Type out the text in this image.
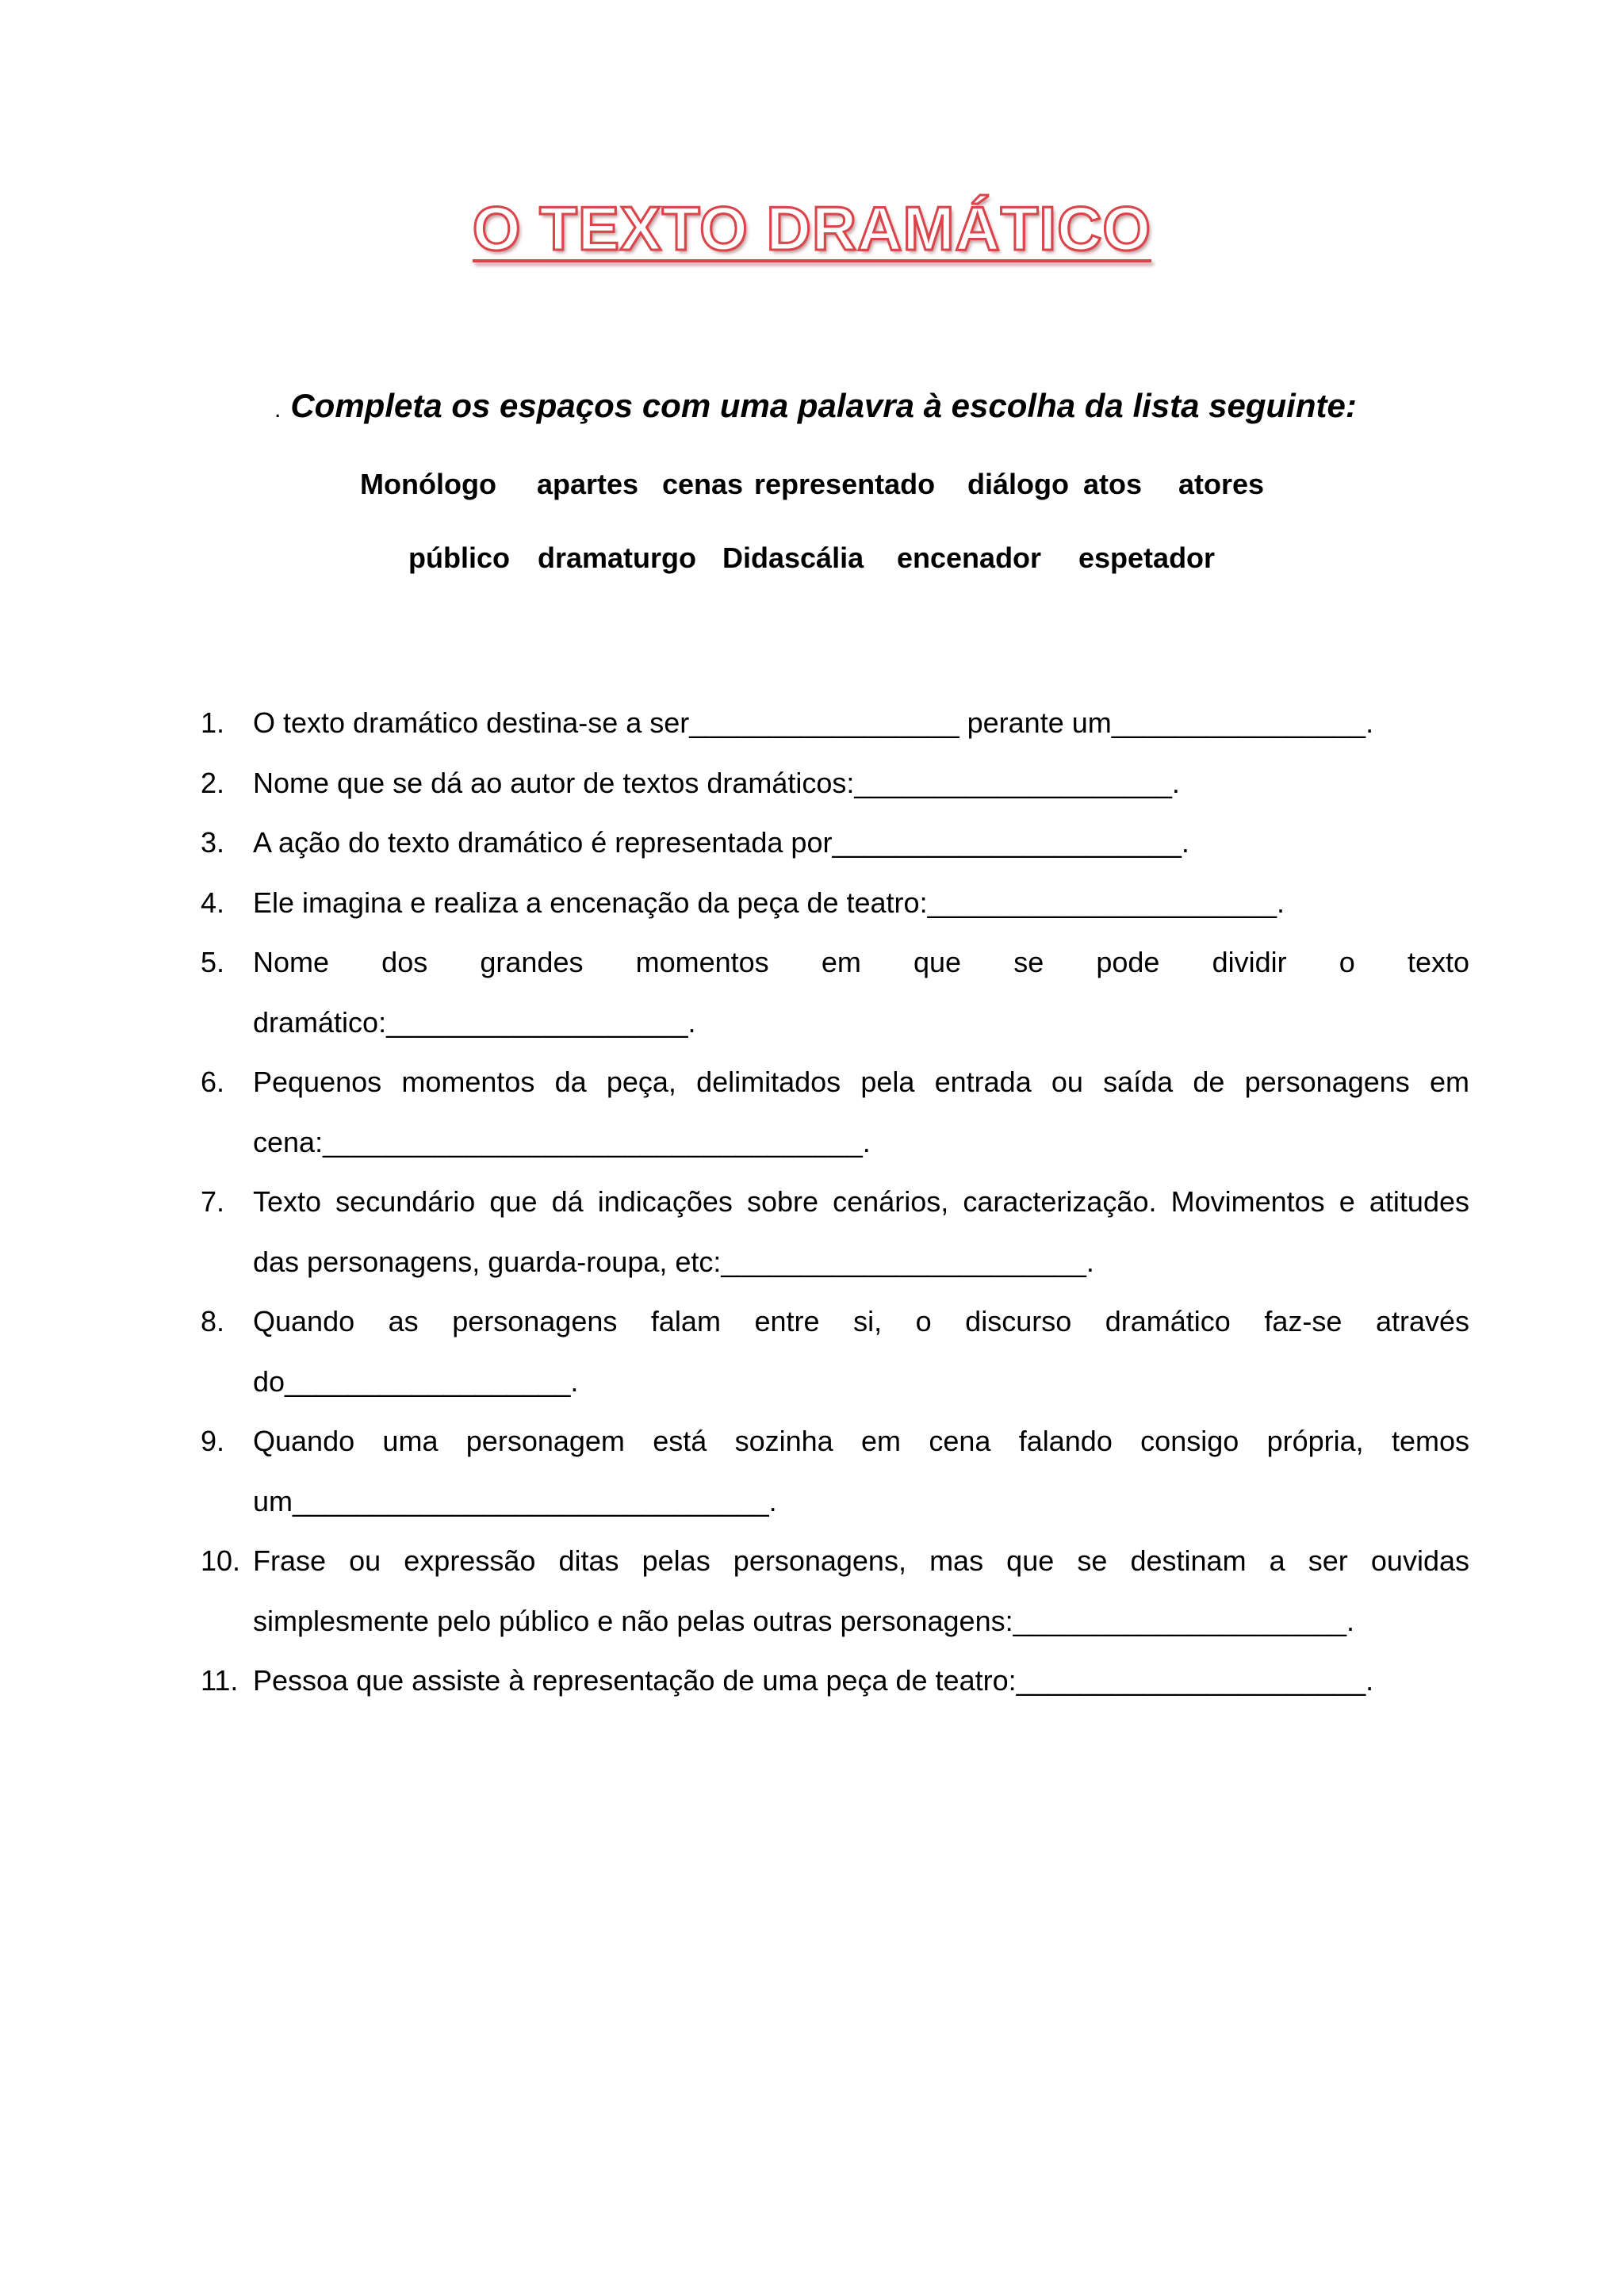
O TEXTO DRAMÁTICO
. Completa os espaços com uma palavra à escolha da lista seguinte:
Monólogo apartes cenas representado diálogo atos atores
público dramaturgo Didascália encenador espetador
1. O texto dramático destina-se a ser_________________ perante um________________.
2. Nome que se dá ao autor de textos dramáticos:____________________.
3. A ação do texto dramático é representada por______________________.
4. Ele imagina e realiza a encenação da peça de teatro:______________________.
5. Nome dos grandes momentos em que se pode dividir o texto
dramático:___________________.
6. Pequenos momentos da peça, delimitados pela entrada ou saída de personagens em
cena:__________________________________.
7. Texto secundário que dá indicações sobre cenários, caracterização. Movimentos e atitudes
das personagens, guarda-roupa, etc:_______________________.
8. Quando as personagens falam entre si, o discurso dramático faz-se através
do__________________.
9. Quando uma personagem está sozinha em cena falando consigo própria, temos
um______________________________.
10. Frase ou expressão ditas pelas personagens, mas que se destinam a ser ouvidas
simplesmente pelo público e não pelas outras personagens:_____________________.
11. Pessoa que assiste à representação de uma peça de teatro:______________________.
